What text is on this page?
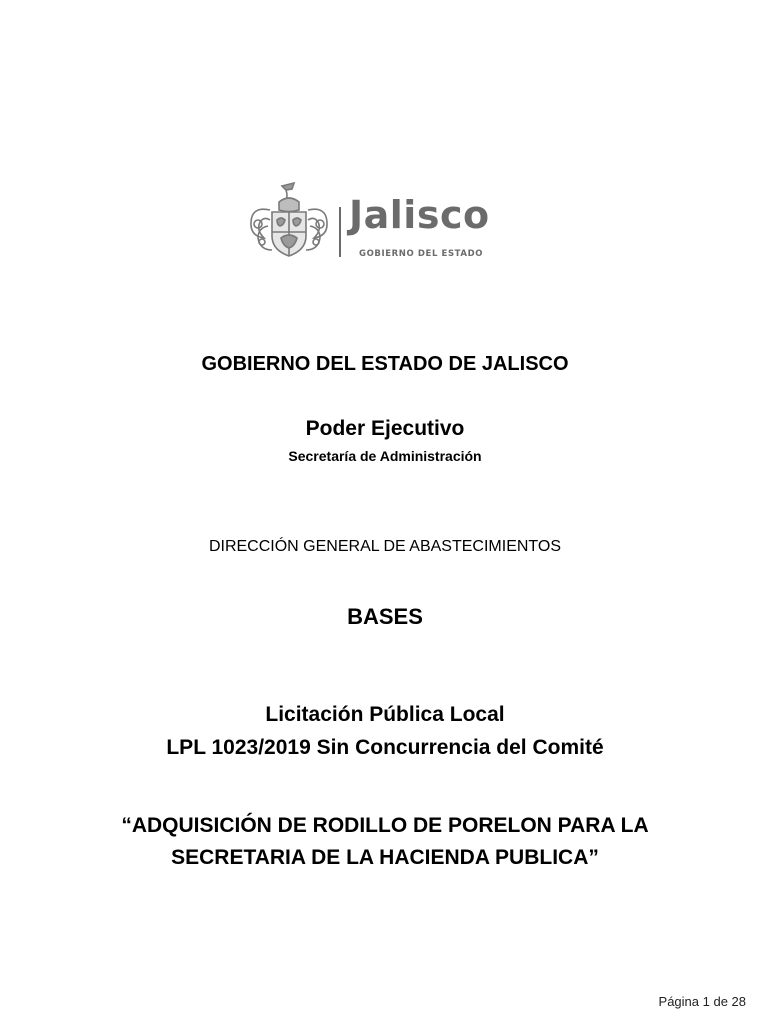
Jalisco
GOBIERNO DEL ESTADO
GOBIERNO DEL ESTADO DE JALISCO
Poder Ejecutivo
Secretaría de Administración
DIRECCIÓN GENERAL DE ABASTECIMIENTOS
BASES
Licitación Pública Local
LPL 1023/2019 Sin Concurrencia del Comité
“ADQUISICIÓN DE RODILLO DE PORELON PARA LA
SECRETARIA DE LA HACIENDA PUBLICA”
Página 1 de 28
